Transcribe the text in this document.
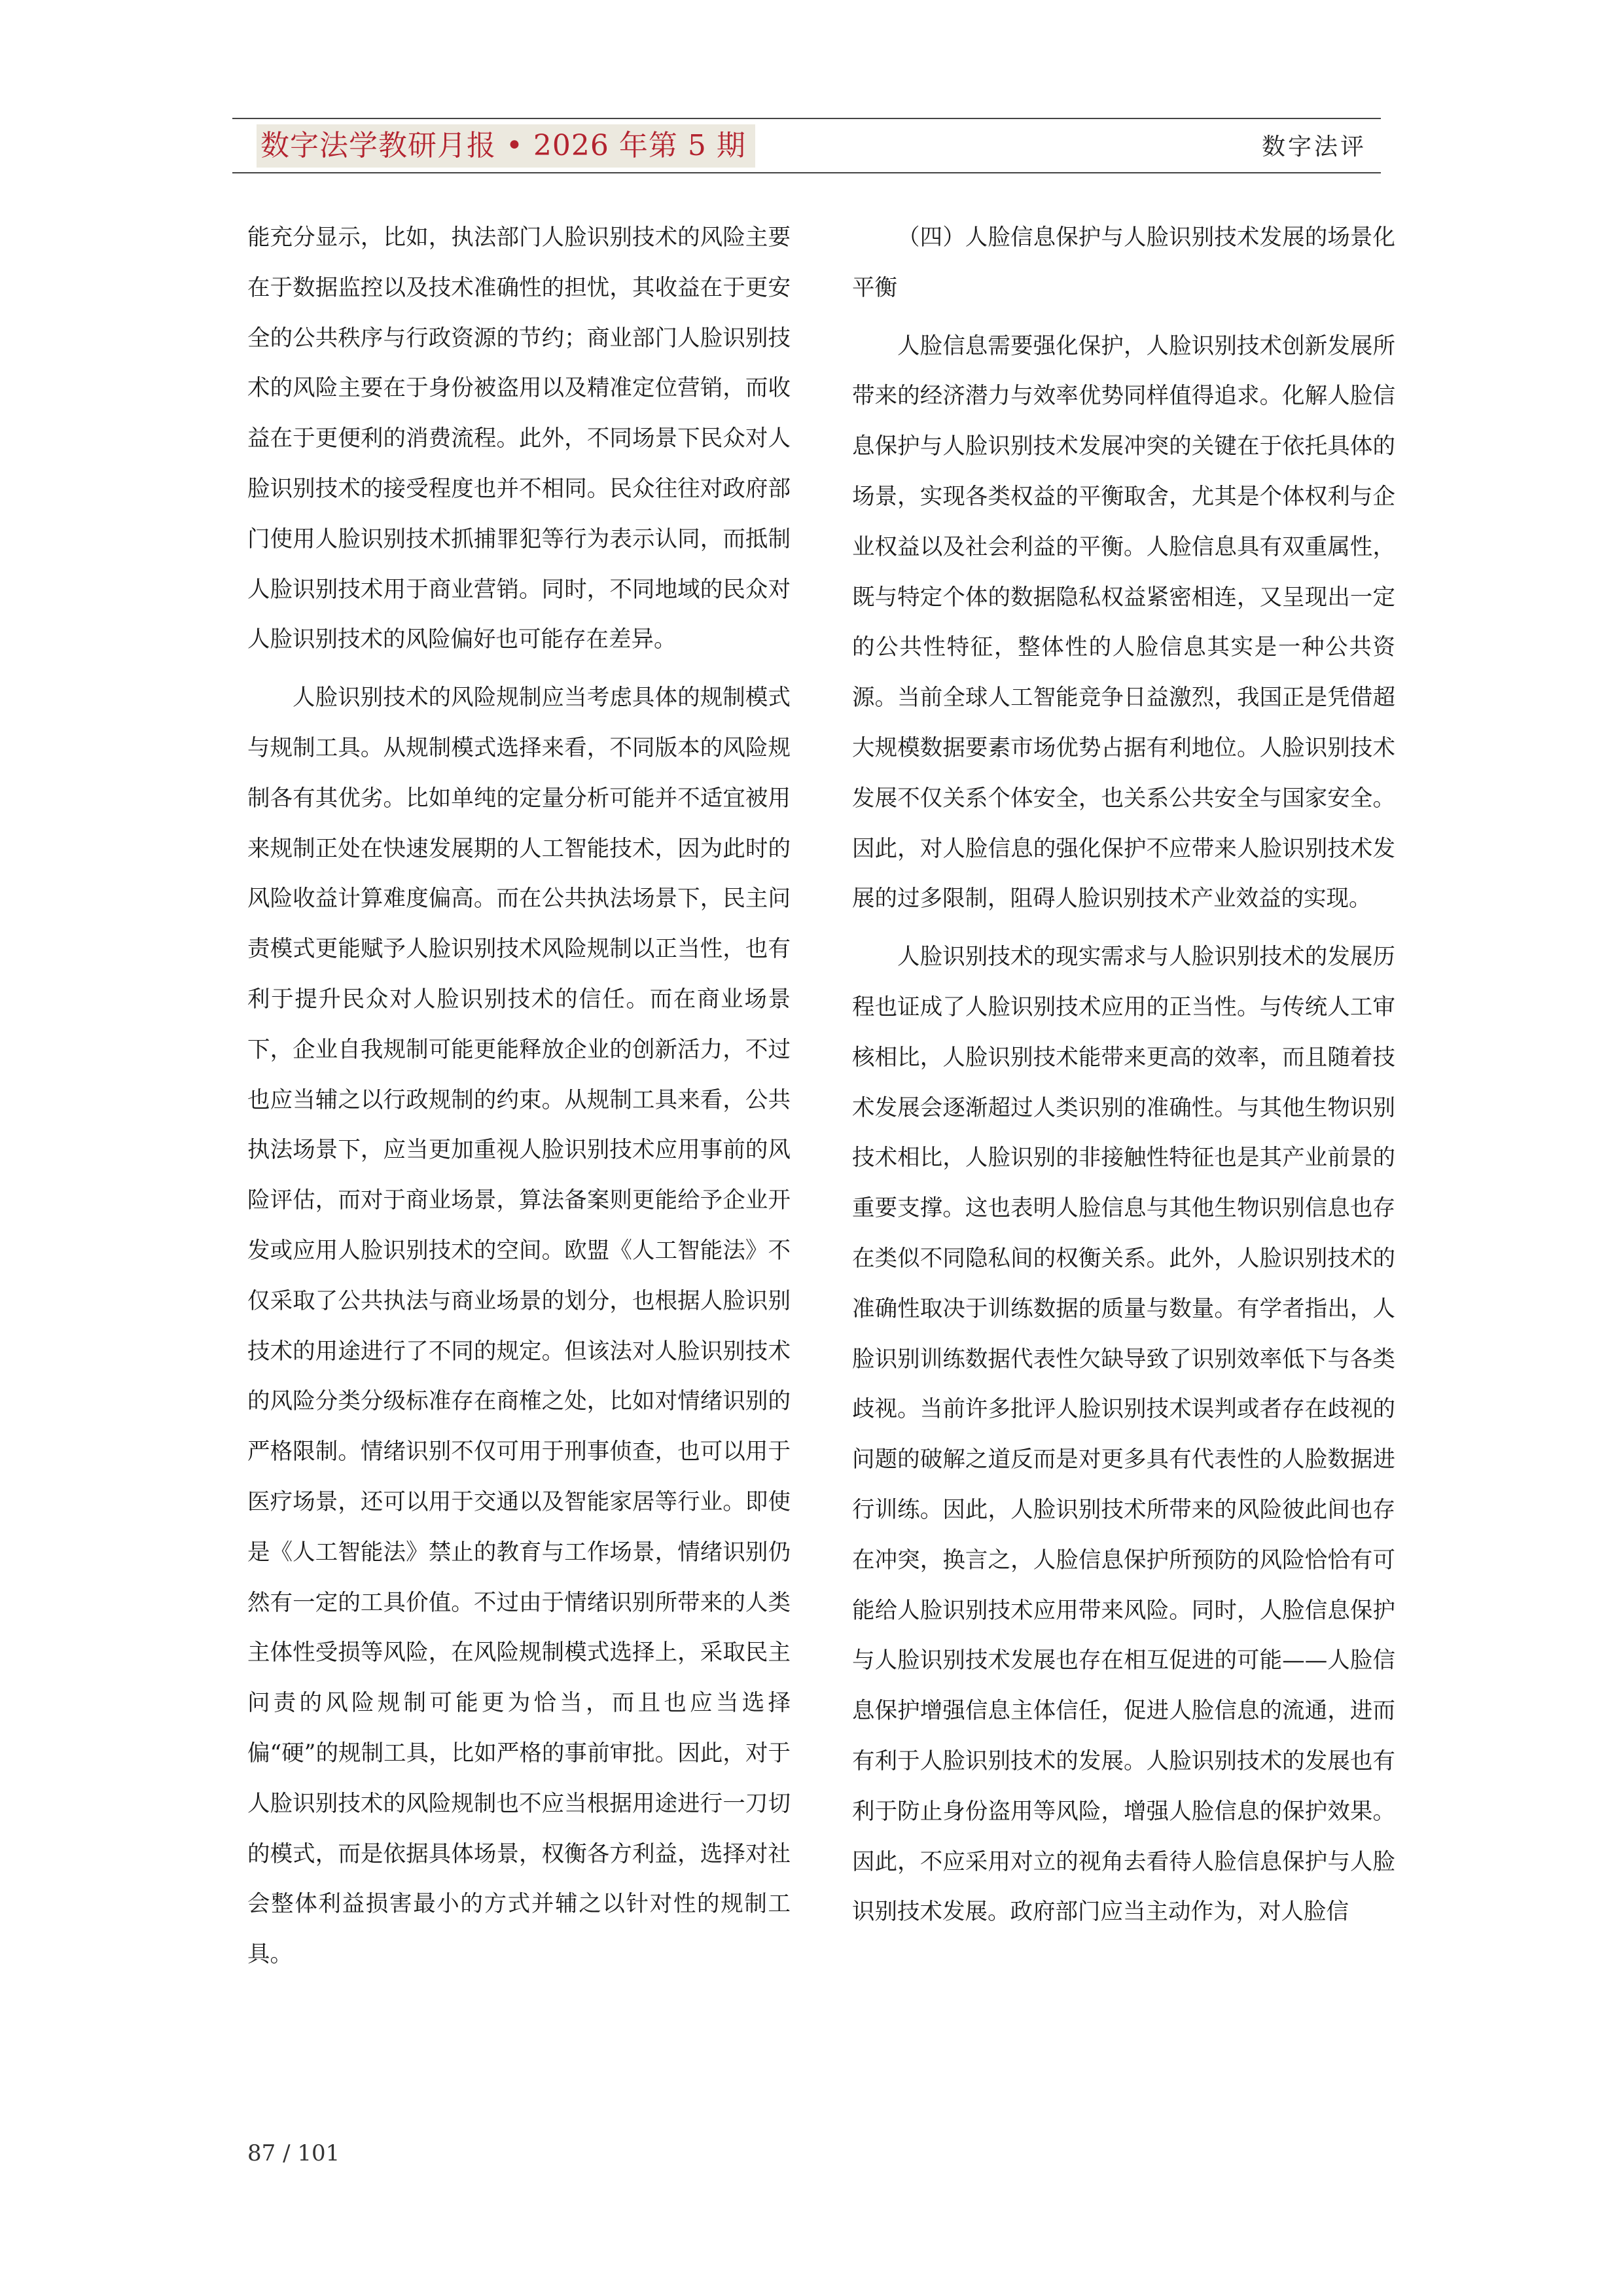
数字法学教研月报 • 2026 年第 5 期	数字法评

能充分显示，比如，执法部门人脸识别技术的风险主要在于数据监控以及技术准确性的担忧，其收益在于更安全的公共秩序与行政资源的节约；商业部门人脸识别技术的风险主要在于身份被盗用以及精准定位营销，而收益在于更便利的消费流程。此外，不同场景下民众对人脸识别技术的接受程度也并不相同。民众往往对政府部门使用人脸识别技术抓捕罪犯等行为表示认同，而抵制人脸识别技术用于商业营销。同时，不同地域的民众对人脸识别技术的风险偏好也可能存在差异。

人脸识别技术的风险规制应当考虑具体的规制模式与规制工具。从规制模式选择来看，不同版本的风险规制各有其优劣。比如单纯的定量分析可能并不适宜被用来规制正处在快速发展期的人工智能技术，因为此时的风险收益计算难度偏高。而在公共执法场景下，民主问责模式更能赋予人脸识别技术风险规制以正当性，也有利于提升民众对人脸识别技术的信任。而在商业场景下，企业自我规制可能更能释放企业的创新活力，不过也应当辅之以行政规制的约束。从规制工具来看，公共执法场景下，应当更加重视人脸识别技术应用事前的风险评估，而对于商业场景，算法备案则更能给予企业开发或应用人脸识别技术的空间。欧盟《人工智能法》不仅采取了公共执法与商业场景的划分，也根据人脸识别技术的用途进行了不同的规定。但该法对人脸识别技术的风险分类分级标准存在商榷之处，比如对情绪识别的严格限制。情绪识别不仅可用于刑事侦查，也可以用于医疗场景，还可以用于交通以及智能家居等行业。即使是《人工智能法》禁止的教育与工作场景，情绪识别仍然有一定的工具价值。不过由于情绪识别所带来的人类主体性受损等风险，在风险规制模式选择上，采取民主问责的风险规制可能更为恰当，而且也应当选择偏“硬”的规制工具，比如严格的事前审批。因此，对于人脸识别技术的风险规制也不应当根据用途进行一刀切的模式，而是依据具体场景，权衡各方利益，选择对社会整体利益损害最小的方式并辅之以针对性的规制工具。

（四）人脸信息保护与人脸识别技术发展的场景化平衡

人脸信息需要强化保护，人脸识别技术创新发展所带来的经济潜力与效率优势同样值得追求。化解人脸信息保护与人脸识别技术发展冲突的关键在于依托具体的场景，实现各类权益的平衡取舍，尤其是个体权利与企业权益以及社会利益的平衡。人脸信息具有双重属性，既与特定个体的数据隐私权益紧密相连，又呈现出一定的公共性特征，整体性的人脸信息其实是一种公共资源。当前全球人工智能竞争日益激烈，我国正是凭借超大规模数据要素市场优势占据有利地位。人脸识别技术发展不仅关系个体安全，也关系公共安全与国家安全。因此，对人脸信息的强化保护不应带来人脸识别技术发展的过多限制，阻碍人脸识别技术产业效益的实现。

人脸识别技术的现实需求与人脸识别技术的发展历程也证成了人脸识别技术应用的正当性。与传统人工审核相比，人脸识别技术能带来更高的效率，而且随着技术发展会逐渐超过人类识别的准确性。与其他生物识别技术相比，人脸识别的非接触性特征也是其产业前景的重要支撑。这也表明人脸信息与其他生物识别信息也存在类似不同隐私间的权衡关系。此外，人脸识别技术的准确性取决于训练数据的质量与数量。有学者指出，人脸识别训练数据代表性欠缺导致了识别效率低下与各类歧视。当前许多批评人脸识别技术误判或者存在歧视的问题的破解之道反而是对更多具有代表性的人脸数据进行训练。因此，人脸识别技术所带来的风险彼此间也存在冲突，换言之，人脸信息保护所预防的风险恰恰有可能给人脸识别技术应用带来风险。同时，人脸信息保护与人脸识别技术发展也存在相互促进的可能——人脸信息保护增强信息主体信任，促进人脸信息的流通，进而有利于人脸识别技术的发展。人脸识别技术的发展也有利于防止身份盗用等风险，增强人脸信息的保护效果。因此，不应采用对立的视角去看待人脸信息保护与人脸识别技术发展。政府部门应当主动作为，对人脸信

87 / 101
